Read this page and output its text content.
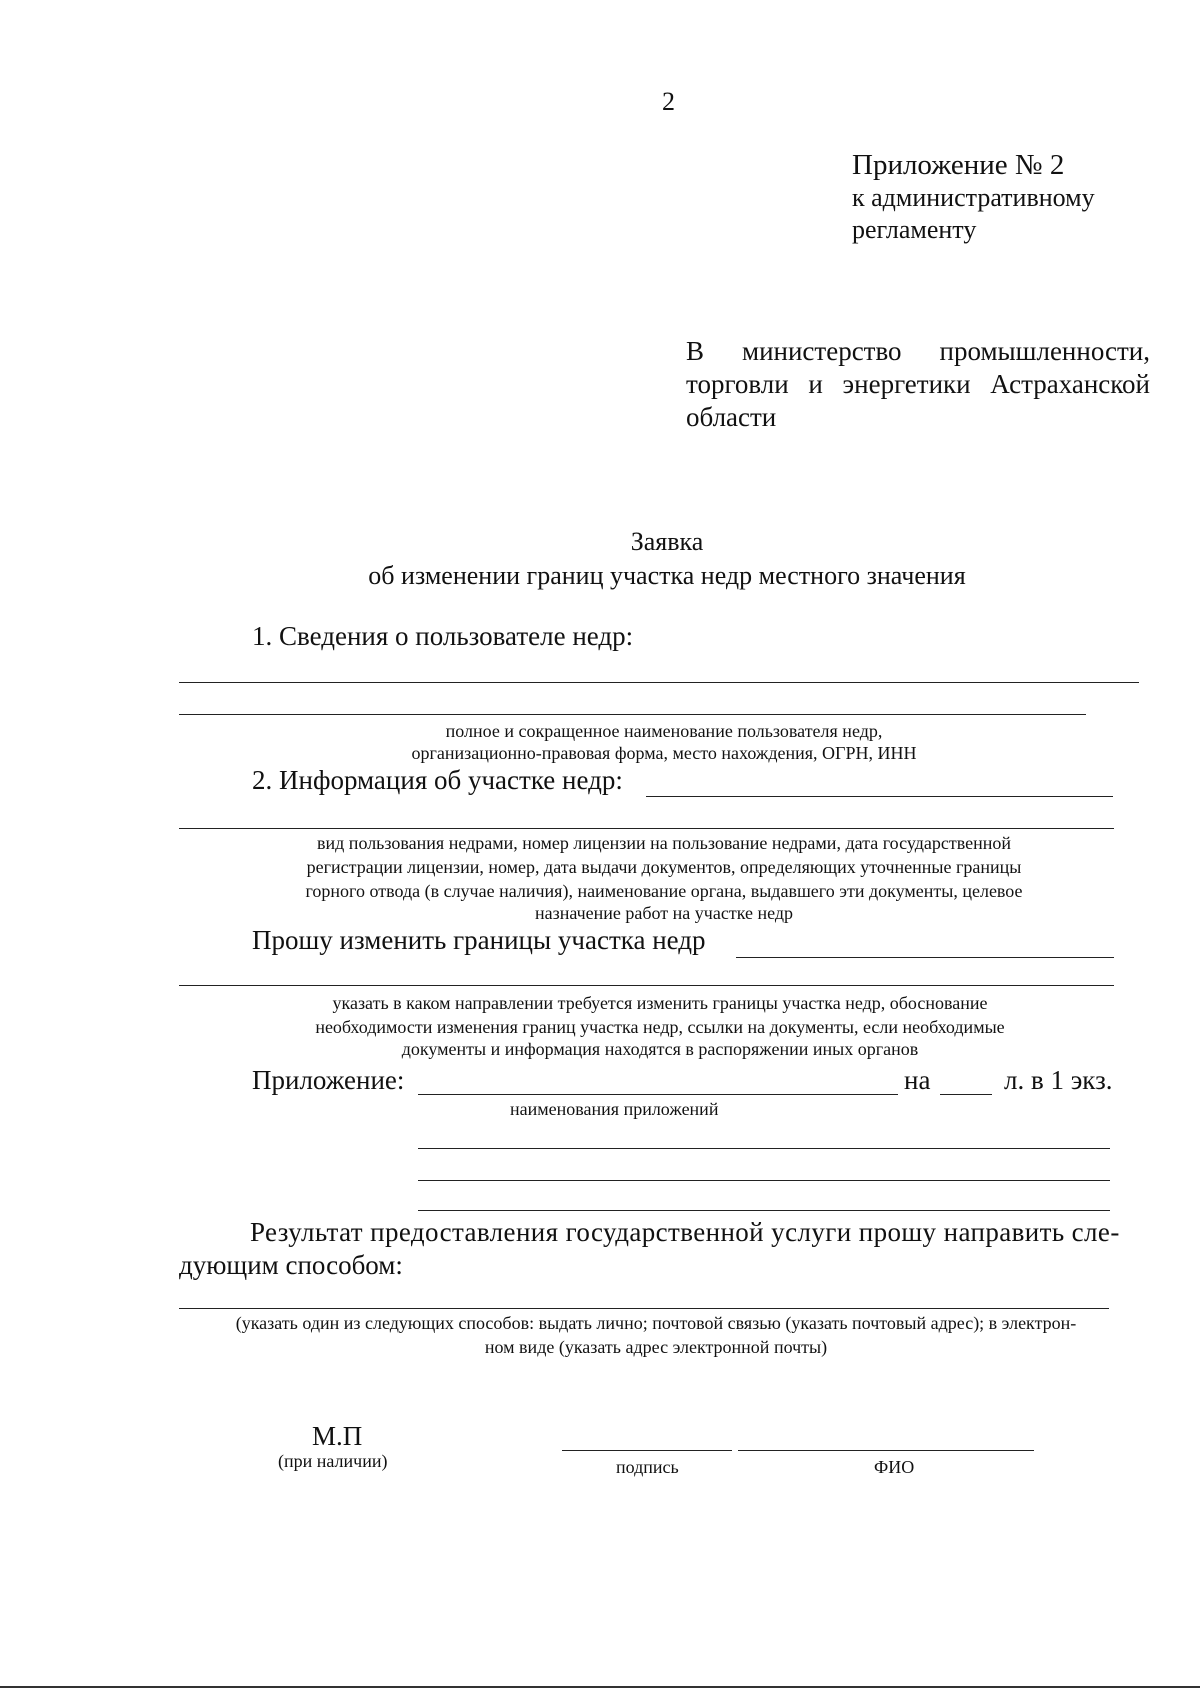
2
Приложение № 2
к административному
регламенту
В министерство промышленности,
торговли и энергетики Астраханской
области
Заявка
об изменении границ участка недр местного значения
1. Сведения о пользователе недр:
полное и сокращенное наименование пользователя недр,
организационно-правовая форма, место нахождения, ОГРН, ИНН
2. Информация об участке недр:
вид пользования недрами, номер лицензии на пользование недрами, дата государственной
регистрации лицензии, номер, дата выдачи документов, определяющих уточненные границы
горного отвода (в случае наличия), наименование органа, выдавшего эти документы, целевое
назначение работ на участке недр
Прошу изменить границы участка недр
указать в каком направлении требуется изменить границы участка недр, обоснование
необходимости изменения границ участка недр, ссылки на документы, если необходимые
документы и информация находятся в распоряжении иных органов
Приложение:	на	л. в 1 экз.
наименования приложений
Результат предоставления государственной услуги прошу направить сле-
дующим способом:
(указать один из следующих способов: выдать лично; почтовой связью (указать почтовый адрес); в электрон-
ном виде (указать адрес электронной почты)
М.П
(при наличии)	подпись	ФИО
